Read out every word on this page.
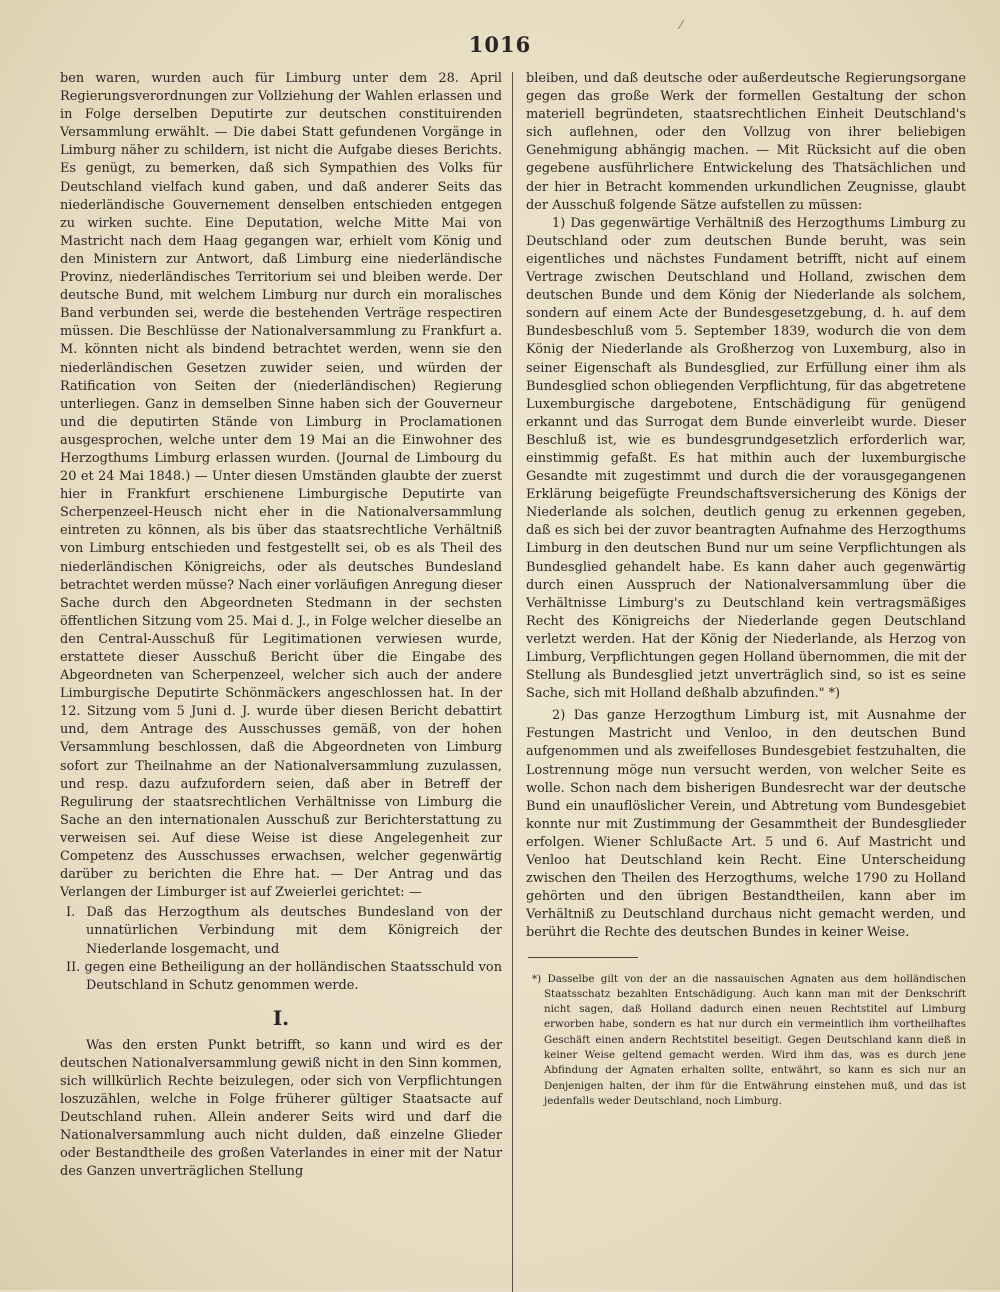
⁄
1016

ben waren, wurden auch für Limburg unter dem 28. April Regierungsverordnungen zur Vollziehung der Wahlen erlassen und in Folge derselben Deputirte zur deutschen constituirenden Versammlung erwählt. — Die dabei Statt gefundenen Vorgänge in Limburg näher zu schildern, ist nicht die Aufgabe dieses Berichts. Es genügt, zu bemerken, daß sich Sympathien des Volks für Deutschland vielfach kund gaben, und daß anderer Seits das niederländische Gouvernement denselben entschieden entgegen zu wirken suchte. Eine Deputation, welche Mitte Mai von Mastricht nach dem Haag gegangen war, erhielt vom König und den Ministern zur Antwort, daß Limburg eine niederländische Provinz, niederländisches Territorium sei und bleiben werde. Der deutsche Bund, mit welchem Limburg nur durch ein moralisches Band verbunden sei, werde die bestehenden Verträge respectiren müssen. Die Beschlüsse der Nationalversammlung zu Frankfurt a. M. könnten nicht als bindend betrachtet werden, wenn sie den niederländischen Gesetzen zuwider seien, und würden der Ratification von Seiten der (niederländischen) Regierung unterliegen. Ganz in demselben Sinne haben sich der Gouverneur und die deputirten Stände von Limburg in Proclamationen ausgesprochen, welche unter dem 19 Mai an die Einwohner des Herzogthums Limburg erlassen wurden. (Journal de Limbourg du 20 et 24 Mai 1848.) — Unter diesen Umständen glaubte der zuerst hier in Frankfurt erschienene Limburgische Deputirte van Scherpenzeel-Heusch nicht eher in die Nationalversammlung eintreten zu können, als bis über das staatsrechtliche Verhältniß von Limburg entschieden und festgestellt sei, ob es als Theil des niederländischen Königreichs, oder als deutsches Bundesland betrachtet werden müsse? Nach einer vorläufigen Anregung dieser Sache durch den Abgeordneten Stedmann in der sechsten öffentlichen Sitzung vom 25. Mai d. J., in Folge welcher dieselbe an den Central-Ausschuß für Legitimationen verwiesen wurde, erstattete dieser Ausschuß Bericht über die Eingabe des Abgeordneten van Scherpenzeel, welcher sich auch der andere Limburgische Deputirte Schönmäckers angeschlossen hat. In der 12. Sitzung vom 5 Juni d. J. wurde über diesen Bericht debattirt und, dem Antrage des Ausschusses gemäß, von der hohen Versammlung beschlossen, daß die Abgeordneten von Limburg sofort zur Theilnahme an der Nationalversammlung zuzulassen, und resp. dazu aufzufordern seien, daß aber in Betreff der Regulirung der staatsrechtlichen Verhältnisse von Limburg die Sache an den internationalen Ausschuß zur Berichterstattung zu verweisen sei. Auf diese Weise ist diese Angelegenheit zur Competenz des Ausschusses erwachsen, welcher gegenwärtig darüber zu berichten die Ehre hat. — Der Antrag und das Verlangen der Limburger ist auf Zweierlei gerichtet: —

I. Daß das Herzogthum als deutsches Bundesland von der unnatürlichen Verbindung mit dem Königreich der Niederlande losgemacht, und

II. gegen eine Betheiligung an der holländischen Staatsschuld von Deutschland in Schutz genommen werde.

I.

Was den ersten Punkt betrifft, so kann und wird es der deutschen Nationalversammlung gewiß nicht in den Sinn kommen, sich willkürlich Rechte beizulegen, oder sich von Verpflichtungen loszuzählen, welche in Folge früherer gültiger Staatsacte auf Deutschland ruhen. Allein anderer Seits wird und darf die Nationalversammlung auch nicht dulden, daß einzelne Glieder oder Bestandtheile des großen Vaterlandes in einer mit der Natur des Ganzen unverträglichen Stellung

bleiben, und daß deutsche oder außerdeutsche Regierungsorgane gegen das große Werk der formellen Gestaltung der schon materiell begründeten, staatsrechtlichen Einheit Deutschland's sich auflehnen, oder den Vollzug von ihrer beliebigen Genehmigung abhängig machen. — Mit Rücksicht auf die oben gegebene ausführlichere Entwickelung des Thatsächlichen und der hier in Betracht kommenden urkundlichen Zeugnisse, glaubt der Ausschuß folgende Sätze aufstellen zu müssen:

1) Das gegenwärtige Verhältniß des Herzogthums Limburg zu Deutschland oder zum deutschen Bunde beruht, was sein eigentliches und nächstes Fundament betrifft, nicht auf einem Vertrage zwischen Deutschland und Holland, zwischen dem deutschen Bunde und dem König der Niederlande als solchem, sondern auf einem Acte der Bundesgesetzgebung, d. h. auf dem Bundesbeschluß vom 5. September 1839, wodurch die von dem König der Niederlande als Großherzog von Luxemburg, also in seiner Eigenschaft als Bundesglied, zur Erfüllung einer ihm als Bundesglied schon obliegenden Verpflichtung, für das abgetretene Luxemburgische dargebotene, Entschädigung für genügend erkannt und das Surrogat dem Bunde einverleibt wurde. Dieser Beschluß ist, wie es bundesgrundgesetzlich erforderlich war, einstimmig gefaßt. Es hat mithin auch der luxemburgische Gesandte mit zugestimmt und durch die der vorausgegangenen Erklärung beigefügte Freundschaftsversicherung des Königs der Niederlande als solchen, deutlich genug zu erkennen gegeben, daß es sich bei der zuvor beantragten Aufnahme des Herzogthums Limburg in den deutschen Bund nur um seine Verpflichtungen als Bundesglied gehandelt habe. Es kann daher auch gegenwärtig durch einen Ausspruch der Nationalversammlung über die Verhältnisse Limburg's zu Deutschland kein vertragsmäßiges Recht des Königreichs der Niederlande gegen Deutschland verletzt werden. Hat der König der Niederlande, als Herzog von Limburg, Verpflichtungen gegen Holland übernommen, die mit der Stellung als Bundesglied jetzt unverträglich sind, so ist es seine Sache, sich mit Holland deßhalb abzufinden." *)

2) Das ganze Herzogthum Limburg ist, mit Ausnahme der Festungen Mastricht und Venloo, in den deutschen Bund aufgenommen und als zweifelloses Bundesgebiet festzuhalten, die Lostrennung möge nun versucht werden, von welcher Seite es wolle. Schon nach dem bisherigen Bundesrecht war der deutsche Bund ein unauflöslicher Verein, und Abtretung vom Bundesgebiet konnte nur mit Zustimmung der Gesammtheit der Bundesglieder erfolgen. Wiener Schlußacte Art. 5 und 6. Auf Mastricht und Venloo hat Deutschland kein Recht. Eine Unterscheidung zwischen den Theilen des Herzogthums, welche 1790 zu Holland gehörten und den übrigen Bestandtheilen, kann aber im Verhältniß zu Deutschland durchaus nicht gemacht werden, und berührt die Rechte des deutschen Bundes in keiner Weise.

*) Dasselbe gilt von der an die nassauischen Agnaten aus dem holländischen Staatsschatz bezahlten Entschädigung. Auch kann man mit der Denkschrift nicht sagen, daß Holland dadurch einen neuen Rechtstitel auf Limburg erworben habe, sondern es hat nur durch ein vermeintlich ihm vortheilhaftes Geschäft einen andern Rechtstitel beseitigt. Gegen Deutschland kann dieß in keiner Weise geltend gemacht werden. Wird ihm das, was es durch jene Abfindung der Agnaten erhalten sollte, entwährt, so kann es sich nur an Denjenigen halten, der ihm für die Entwährung einstehen muß, und das ist jedenfalls weder Deutschland, noch Limburg.
